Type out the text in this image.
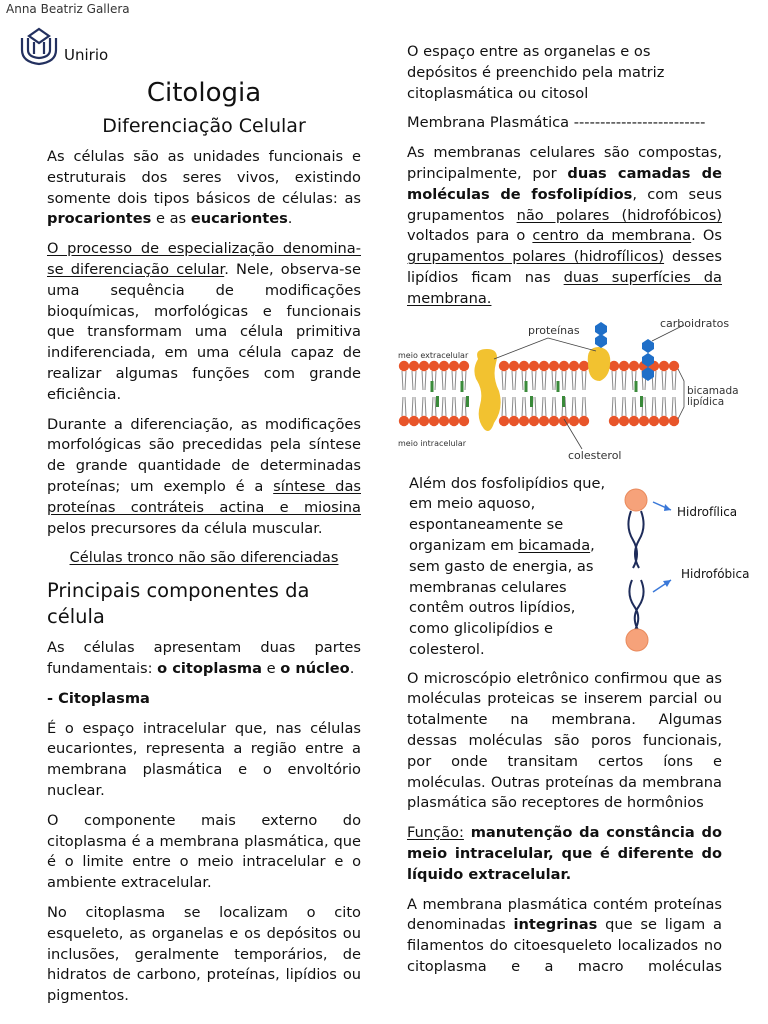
Anna Beatriz Gallera
Unirio
Citologia
Diferenciação Celular

As células são as unidades funcionais e estruturais dos seres vivos, existindo somente dois tipos básicos de células: as procariontes e as eucariontes.

O processo de especialização denomina-se diferenciação celular. Nele, observa-se uma sequência de modificações bioquímicas, morfológicas e funcionais que transformam uma célula primitiva indiferenciada, em uma célula capaz de realizar algumas funções com grande eficiência.

Durante a diferenciação, as modificações morfológicas são precedidas pela síntese de grande quantidade de determinadas proteínas; um exemplo é a síntese das proteínas contráteis actina e miosina pelos precursores da célula muscular.

Células tronco não são diferenciadas

Principais componentes da célula

As células apresentam duas partes fundamentais: o citoplasma e o núcleo.

- Citoplasma

É o espaço intracelular que, nas células eucariontes, representa a região entre a membrana plasmática e o envoltório nuclear.

O componente mais externo do citoplasma é a membrana plasmática, que é o limite entre o meio intracelular e o ambiente extracelular.

No citoplasma se localizam o cito esqueleto, as organelas e os depósitos ou inclusões, geralmente temporários, de hidratos de carbono, proteínas, lipídios ou pigmentos.

O espaço entre as organelas e os depósitos é preenchido pela matriz citoplasmática ou citosol

Membrana Plasmática -------------------------

As membranas celulares são compostas, principalmente, por duas camadas de moléculas de fosfolipídios, com seus grupamentos não polares (hidrofóbicos) voltados para o centro da membrana. Os grupamentos polares (hidrofílicos) desses lipídios ficam nas duas superfícies da membrana.

proteínas
carboidratos
meio extracelular
meio intracelular
bicamada lipídica
colesterol
Além dos fosfolipídios que, em meio aquoso, espontaneamente se organizam em bicamada, sem gasto de energia, as membranas celulares contêm outros lipídios, como glicolipídios e colesterol.
Hidrofílica
Hidrofóbica

O microscópio eletrônico confirmou que as moléculas proteicas se inserem parcial ou totalmente na membrana. Algumas dessas moléculas são poros funcionais, por onde transitam certos íons e moléculas. Outras proteínas da membrana plasmática são receptores de hormônios

Função: manutenção da constância do meio intracelular, que é diferente do líquido extracelular.

A membrana plasmática contém proteínas denominadas integrinas que se ligam a filamentos do citoesqueleto localizados no citoplasma e a macro moléculas
